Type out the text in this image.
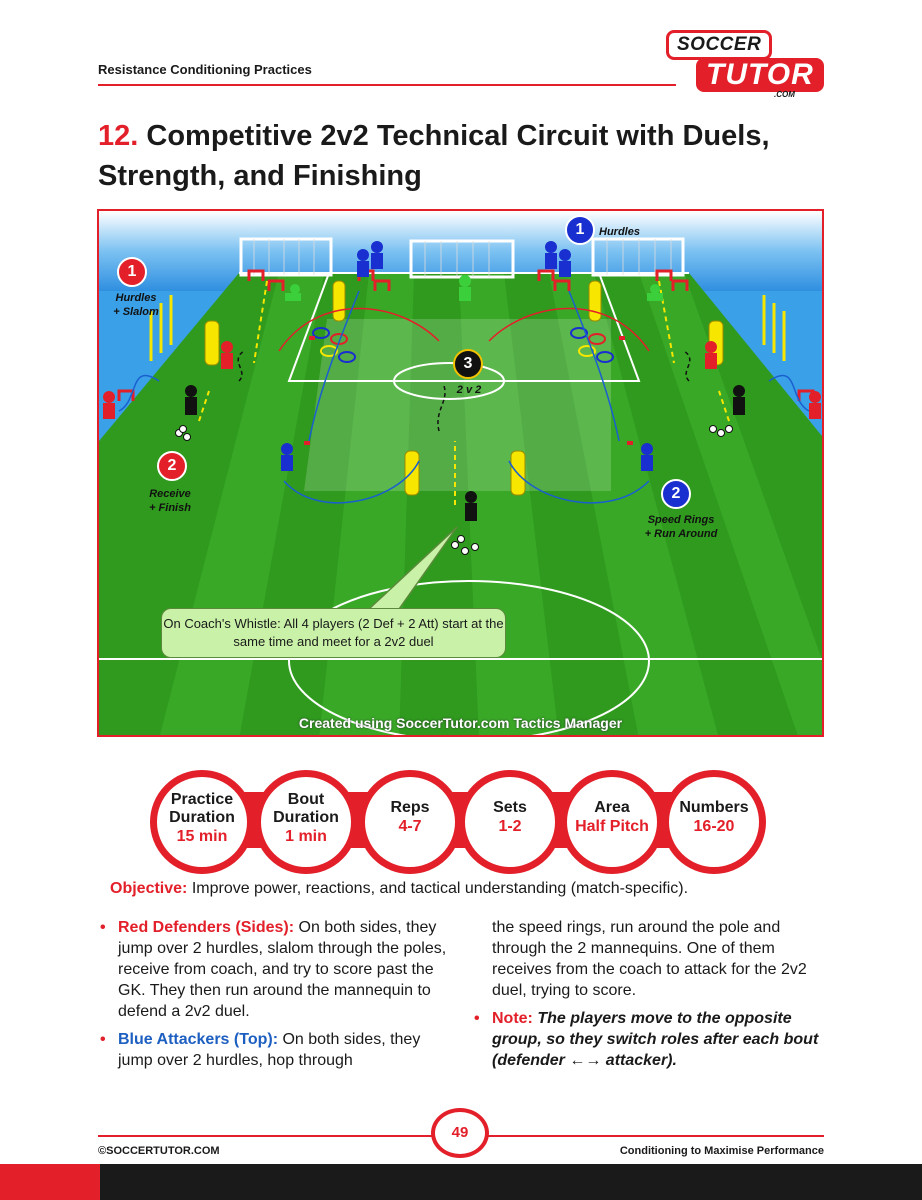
Resistance Conditioning Practices
SOCCER
TUTOR
.COM
12. Competitive 2v2 Technical Circuit with Duels, Strength, and Finishing
1
Hurdles
+ Slalom
1	Hurdles
2
Receive
+ Finish
2
Speed Rings
+ Run Around
3
2 v 2
On Coach's Whistle: All 4 players (2 Def + 2 Att) start at the same time and meet for a 2v2 duel
Created using SoccerTutor.com Tactics Manager
Practice Duration
15 min
Bout Duration
1 min
Reps
4-7
Sets
1-2
Area
Half Pitch
Numbers
16-20
Objective: Improve power, reactions, and tactical understanding (match-specific).
• Red Defenders (Sides): On both sides, they jump over 2 hurdles, slalom through the poles, receive from coach, and try to score past the GK. They then run around the mannequin to defend a 2v2 duel.
• Blue Attackers (Top): On both sides, they jump over 2 hurdles, hop through
the speed rings, run around the pole and through the 2 mannequins. One of them receives from the coach to attack for the 2v2 duel, trying to score.
• Note: The players move to the opposite group, so they switch roles after each bout (defender ←→ attacker).
49
©SOCCERTUTOR.COM	Conditioning to Maximise Performance
